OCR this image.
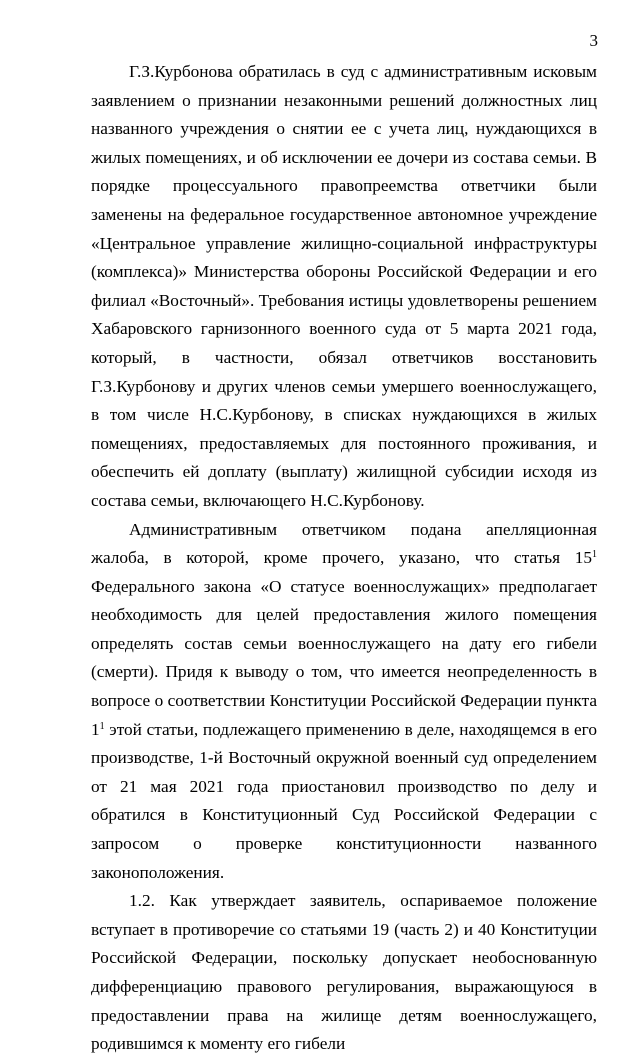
3

Г.З.Курбонова обратилась в суд с административным исковым заявлением о признании незаконными решений должностных лиц названного учреждения о снятии ее с учета лиц, нуждающихся в жилых помещениях, и об исключении ее дочери из состава семьи. В порядке процессуального правопреемства ответчики были заменены на федеральное государственное автономное учреждение «Центральное управление жилищно-социальной инфраструктуры (комплекса)» Министерства обороны Российской Федерации и его филиал «Восточный». Требования истицы удовлетворены решением Хабаровского гарнизонного военного суда от 5 марта 2021 года, который, в частности, обязал ответчиков восстановить Г.З.Курбонову и других членов семьи умершего военнослужащего, в том числе Н.С.Курбонову, в списках нуждающихся в жилых помещениях, предоставляемых для постоянного проживания, и обеспечить ей доплату (выплату) жилищной субсидии исходя из состава семьи, включающего Н.С.Курбонову.

Административным ответчиком подана апелляционная жалоба, в которой, кроме прочего, указано, что статья $15^1$ Федерального закона «О статусе военнослужащих» предполагает необходимость для целей предоставления жилого помещения определять состав семьи военнослужащего на дату его гибели (смерти). Придя к выводу о том, что имеется неопределенность в вопросе о соответствии Конституции Российской Федерации пункта $1^1$ этой статьи, подлежащего применению в деле, находящемся в его производстве, 1-й Восточный окружной военный суд определением от 21 мая 2021 года приостановил производство по делу и обратился в Конституционный Суд Российской Федерации с запросом о проверке конституционности названного законоположения.

1.2. Как утверждает заявитель, оспариваемое положение вступает в противоречие со статьями 19 (часть 2) и 40 Конституции Российской Федерации, поскольку допускает необоснованную дифференциацию правового регулирования, выражающуюся в предоставлении права на жилище детям военнослужащего, родившимся к моменту его гибели
